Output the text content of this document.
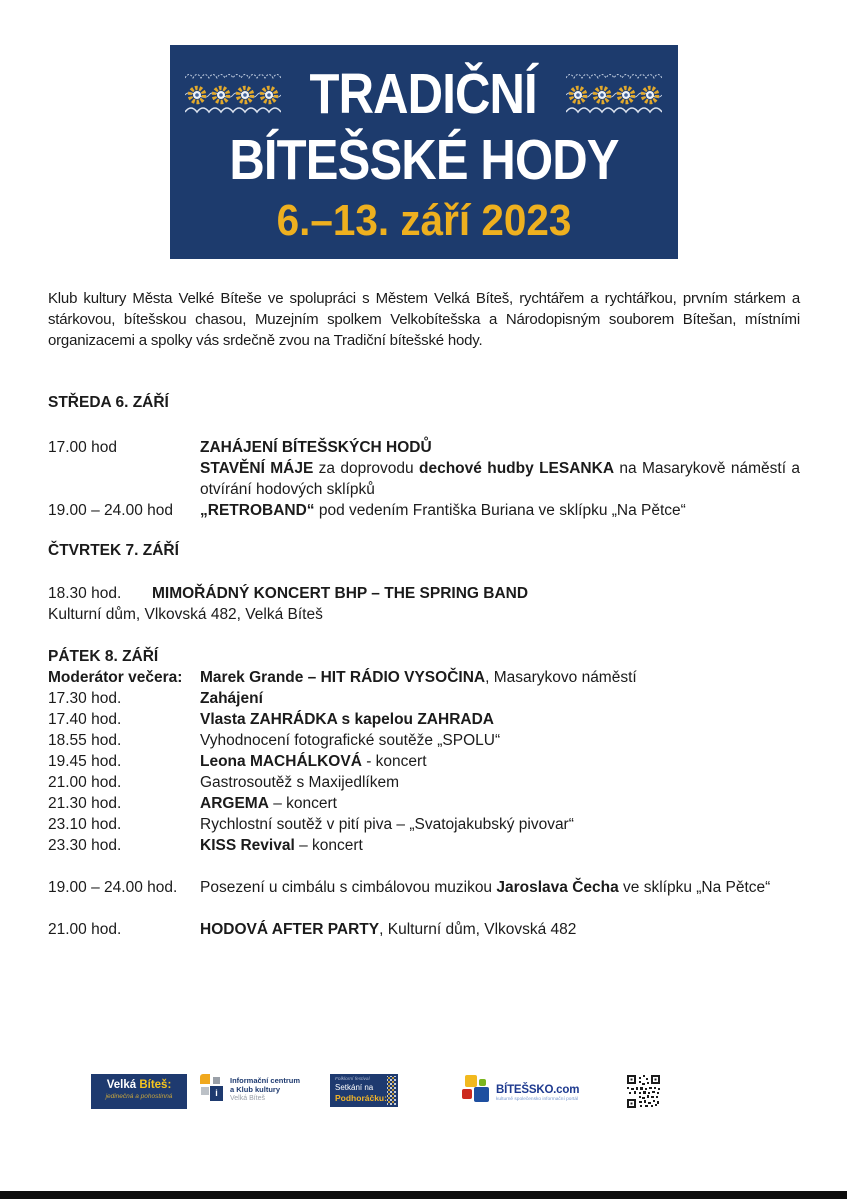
TRADIČNÍ
BÍTEŠSKÉ HODY
6.–13. září 2023

Klub kultury Města Velké Bíteše ve spolupráci s Městem Velká Bíteš, rychtářem a rychtářkou, prvním stárkem a stárkovou, bítešskou chasou, Muzejním spolkem Velkobítešska a Národopisným souborem Bítešan, místními organizacemi a spolky vás srdečně zvou na Tradiční bítešské hody.

STŘEDA 6. ZÁŘÍ
17.00 hod	ZAHÁJENÍ BÍTEŠSKÝCH HODŮ
STAVĚNÍ MÁJE za doprovodu dechové hudby LESANKA na Masarykově náměstí a otvírání hodových sklípků
19.00 – 24.00 hod	„RETROBAND“ pod vedením Františka Buriana ve sklípku „Na Pětce“
ČTVRTEK 7. ZÁŘÍ
18.30 hod.	MIMOŘÁDNÝ KONCERT BHP – THE SPRING BAND

Kulturní dům, Vlkovská 482, Velká Bíteš

PÁTEK 8. ZÁŘÍ
Moderátor večera:	Marek Grande – HIT RÁDIO VYSOČINA, Masarykovo náměstí
17.30 hod.	Zahájení
17.40 hod.	Vlasta ZAHRÁDKA s kapelou ZAHRADA
18.55 hod.	Vyhodnocení fotografické soutěže „SPOLU“
19.45 hod.	Leona MACHÁLKOVÁ - koncert
21.00 hod.	Gastrosoutěž s Maxijedlíkem
21.30 hod.	ARGEMA – koncert
23.10 hod.	Rychlostní soutěž v pití piva – „Svatojakubský pivovar“
23.30 hod.	KISS Revival – koncert
19.00 – 24.00 hod.	Posezení u cimbálu s cimbálovou muzikou Jaroslava Čecha ve sklípku „Na Pětce“
21.00 hod.	HODOVÁ AFTER PARTY, Kulturní dům, Vlkovská 482
Velká Bíteš:
jedinečná a pohostinná	i
Informační centrum
a Klub kultury
Velká Bíteš
Folklorní festival
Setkání na
Podhoráčku:
BÍTEŠSKO.com
kulturně společensko informační portál
